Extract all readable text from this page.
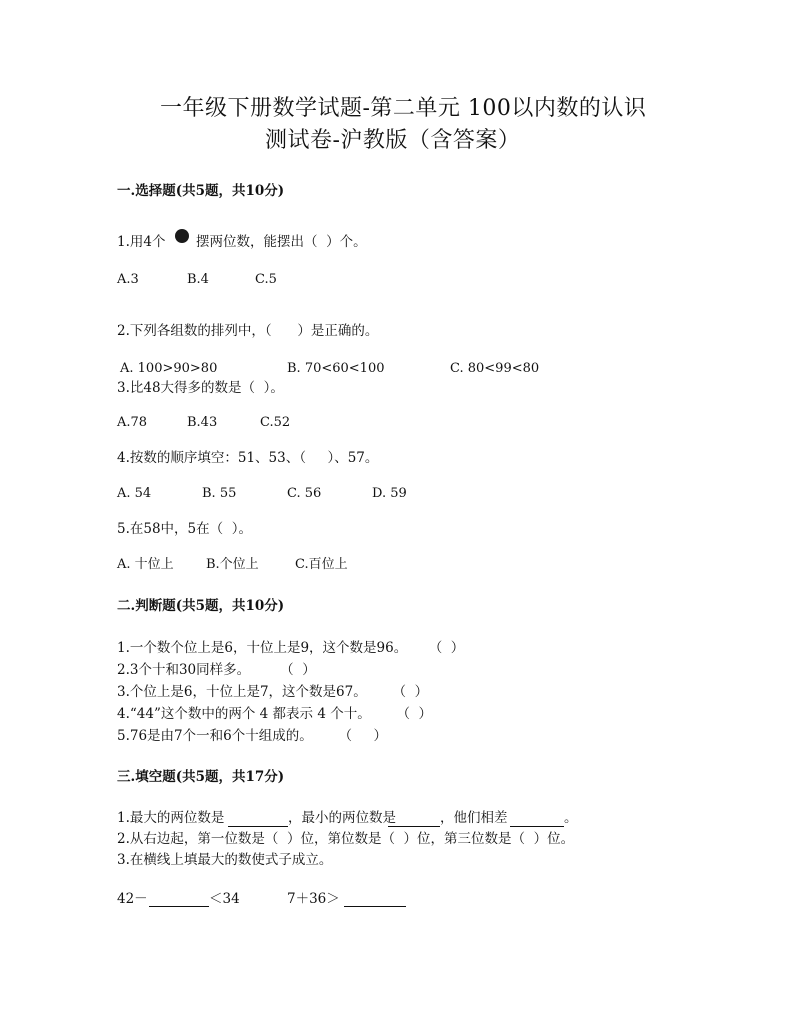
一年级下册数学试题-第二单元 100以内数的认识
测试卷-沪教版（含答案）
一.选择题(共5题，共10分)
1.用4个 摆两位数，能摆出（  ）个。
A.3	B.4	C.5
2.下列各组数的排列中，（      ）是正确的。
A. 100>90>80	B. 70<60<100	C. 80<99<80
3.比48大得多的数是（  ）。
A.78	B.43	C.52
4.按数的顺序填空：51、53、（     ）、57。
A. 54	B. 55	C. 56	D. 59
5.在58中，5在（  ）。
A. 十位上 B.个位上	C.百位上
二.判断题(共5题，共10分)
1.一个数个位上是6，十位上是9，这个数是96。     （  ）
2.3个十和30同样多。       （  ）
3.个位上是6，十位上是7，这个数是67。      （  ）
4.“44”这个数中的两个 4 都表示 4 个十。      （  ）
5.76是由7个一和6个十组成的。      （     ）
三.填空题(共5题，共17分)
1.最大的两位数是	，最小的两位数是	，他们相差	。
2.从右边起，第一位数是（  ）位，第位数是（  ）位，第三位数是（  ）位。
3.在横线上填最大的数使式子成立。
42－	＜34	7＋36＞
